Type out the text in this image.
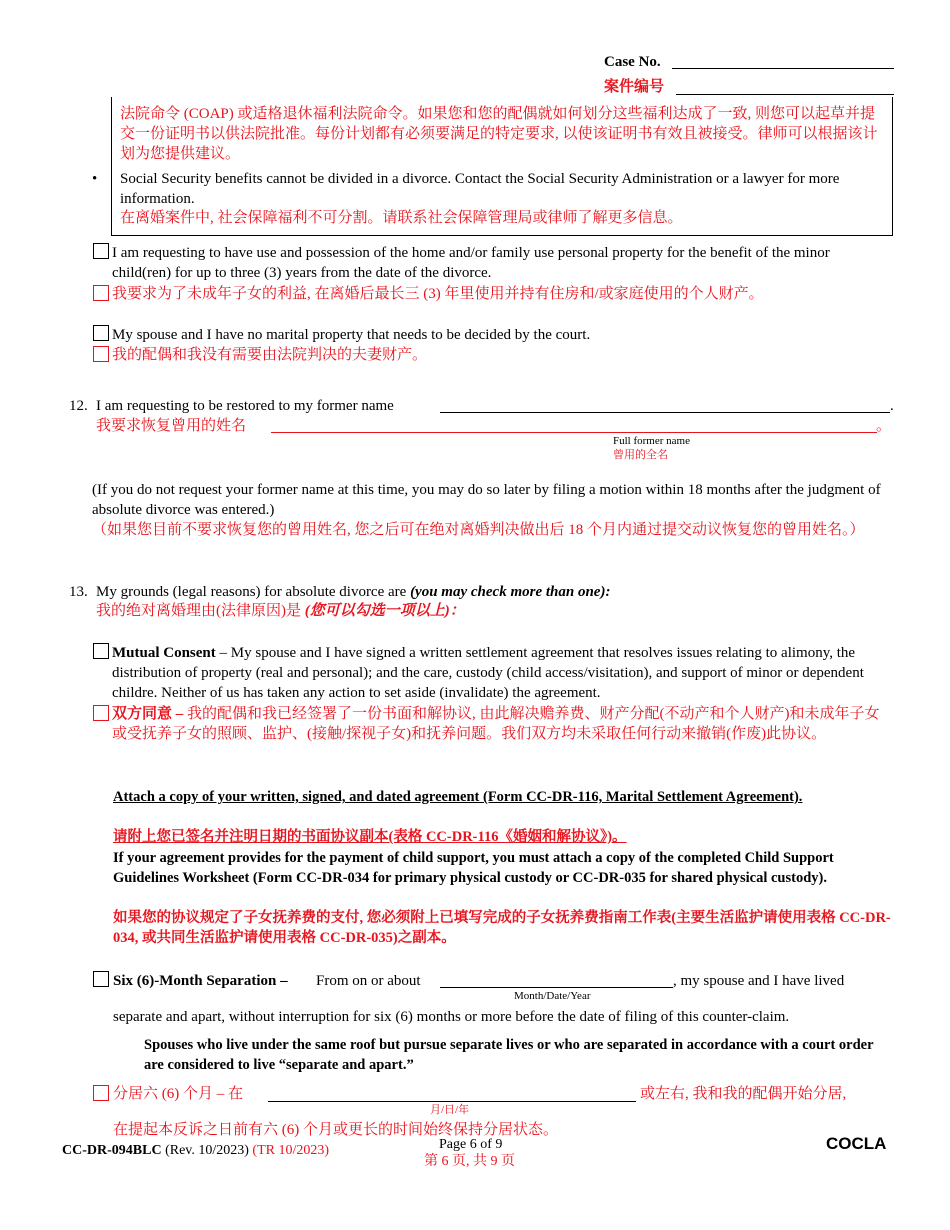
Case No.
案件编号
法院命令 (COAP) 或适格退休福利法院命令。如果您和您的配偶就如何划分这些福利达成了一致, 则您可以起草并提交一份证明书以供法院批准。每份计划都有必须要满足的特定要求, 以使该证明书有效且被接受。律师可以根据该计划为您提供建议。
• Social Security benefits cannot be divided in a divorce. Contact the Social Security Administration or a lawyer for more information.
在离婚案件中, 社会保障福利不可分割。请联系社会保障管理局或律师了解更多信息。
I am requesting to have use and possession of the home and/or family use personal property for the benefit of the minor child(ren) for up to three (3) years from the date of the divorce.
我要求为了未成年子女的利益, 在离婚后最长三 (3) 年里使用并持有住房和/或家庭使用的个人财产。
My spouse and I have no marital property that needs to be decided by the court.
我的配偶和我没有需要由法院判决的夫妻财产。
12. I am requesting to be restored to my former name	.
我要求恢复曾用的姓名	。
Full former name
曾用的全名
(If you do not request your former name at this time, you may do so later by filing a motion within 18 months after the judgment of absolute divorce was entered.)
（如果您目前不要求恢复您的曾用姓名, 您之后可在绝对离婚判决做出后 18 个月内通过提交动议恢复您的曾用姓名。）
13. My grounds (legal reasons) for absolute divorce are (you may check more than one):
我的绝对离婚理由(法律原因)是 (您可以勾选一项以上)：
Mutual Consent – My spouse and I have signed a written settlement agreement that resolves issues relating to alimony, the distribution of property (real and personal); and the care, custody (child access/visitation), and support of minor or dependent childre. Neither of us has taken any action to set aside (invalidate) the agreement.
双方同意 – 我的配偶和我已经签署了一份书面和解协议, 由此解决赡养费、财产分配(不动产和个人财产)和未成年子女或受抚养子女的照顾、监护、(接触/探视子女)和抚养问题。我们双方均未采取任何行动来撤销(作废)此协议。
Attach a copy of your written, signed, and dated agreement (Form CC-DR-116, Marital Settlement Agreement).
请附上您已签名并注明日期的书面协议副本(表格 CC-DR-116《婚姻和解协议》)。
If your agreement provides for the payment of child support, you must attach a copy of the completed Child Support Guidelines Worksheet (Form CC-DR-034 for primary physical custody or CC-DR-035 for shared physical custody).
如果您的协议规定了子女抚养费的支付, 您必须附上已填写完成的子女抚养费指南工作表(主要生活监护请使用表格 CC-DR-034, 或共同生活监护请使用表格 CC-DR-035)之副本。
Six (6)-Month Separation – From on or about	, my spouse and I have lived
Month/Date/Year
separate and apart, without interruption for six (6) months or more before the date of filing of this counter-claim.
Spouses who live under the same roof but pursue separate lives or who are separated in accordance with a court order are considered to live “separate and apart.”
分居六 (6) 个月 – 在	或左右, 我和我的配偶开始分居,
月/日/年
在提起本反诉之日前有六 (6) 个月或更长的时间始终保持分居状态。
CC-DR-094BLC (Rev. 10/2023) (TR 10/2023)	Page 6 of 9
第 6 页, 共 9 页
COCLA
